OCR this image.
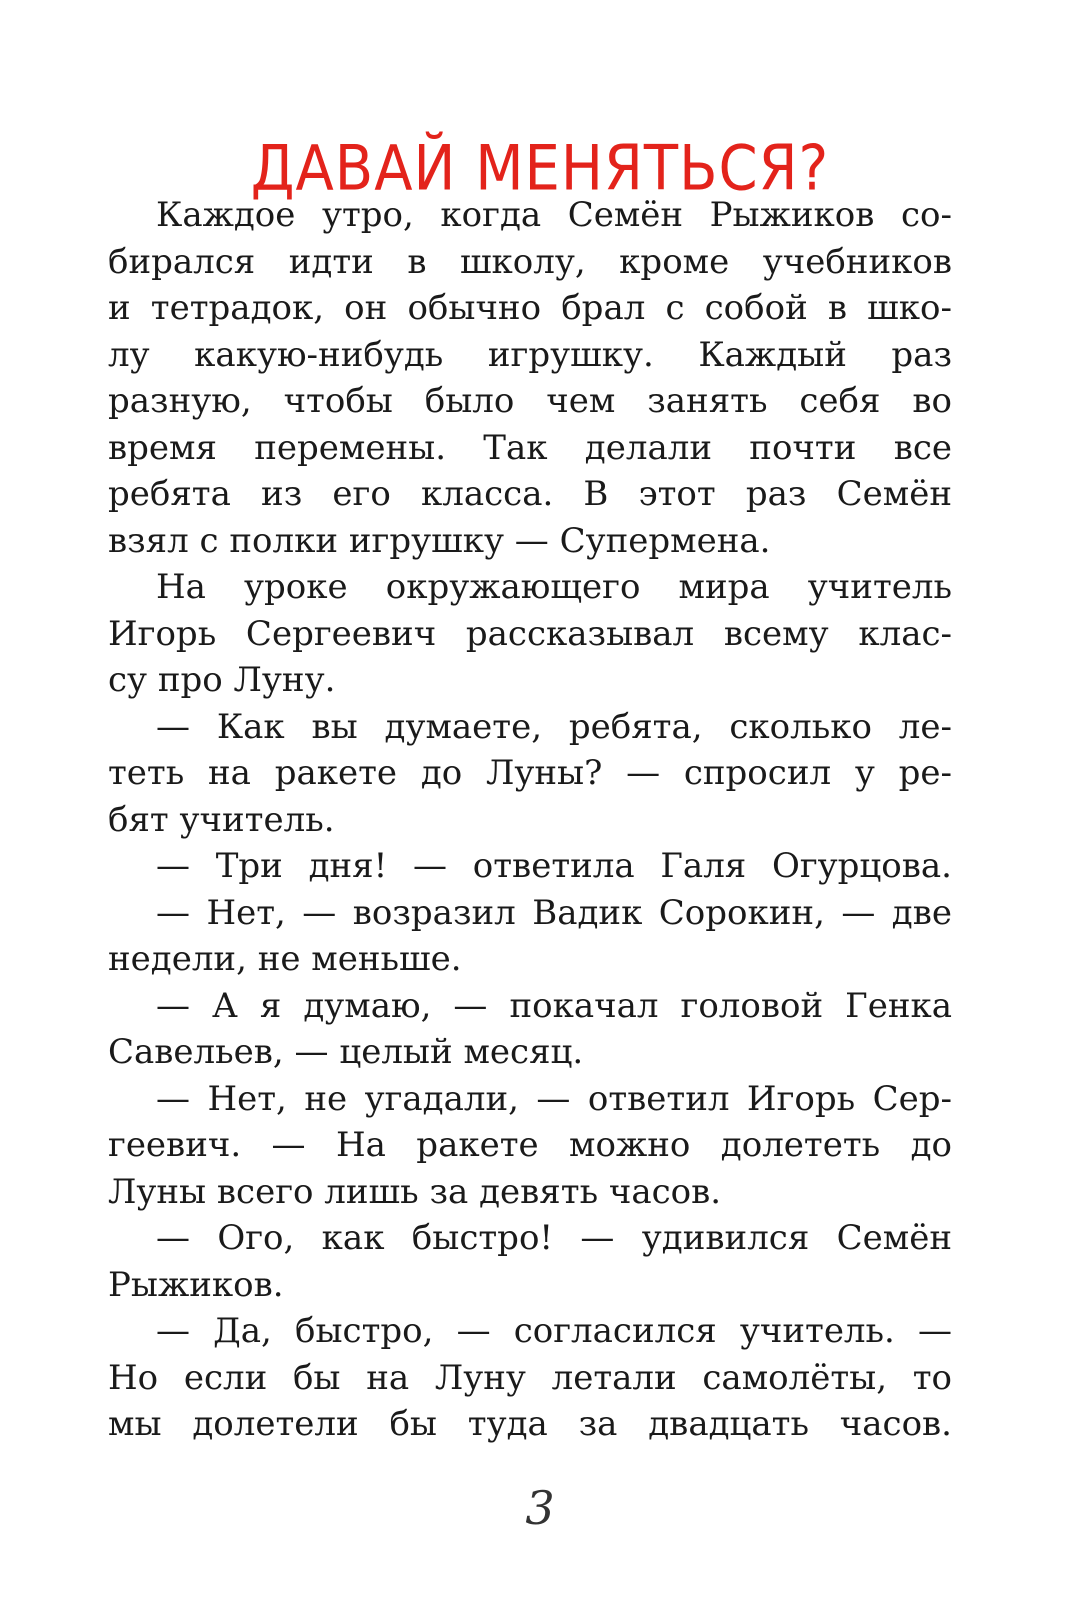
ДАВАЙ МЕНЯТЬСЯ?
Каждое утро, когда Семён Рыжиков со-
бирался идти в школу, кроме учебников
и тетрадок, он обычно брал с собой в шко-
лу какую-нибудь игрушку. Каждый раз
разную, чтобы было чем занять себя во
время перемены. Так делали почти все
ребята из его класса. В этот раз Семён
взял с полки игрушку — Супермена.
На уроке окружающего мира учитель
Игорь Сергеевич рассказывал всему клас-
су про Луну.
— Как вы думаете, ребята, сколько ле-
теть на ракете до Луны? — спросил у ре-
бят учитель.
— Три дня! — ответила Галя Огурцова.
— Нет, — возразил Вадик Сорокин, — две
недели, не меньше.
— А я думаю, — покачал головой Генка
Савельев, — целый месяц.
— Нет, не угадали, — ответил Игорь Сер-
геевич. — На ракете можно долететь до
Луны всего лишь за девять часов.
— Ого, как быстро! — удивился Семён
Рыжиков.
— Да, быстро, — согласился учитель. —
Но если бы на Луну летали самолёты, то
мы долетели бы туда за двадцать часов.
3
